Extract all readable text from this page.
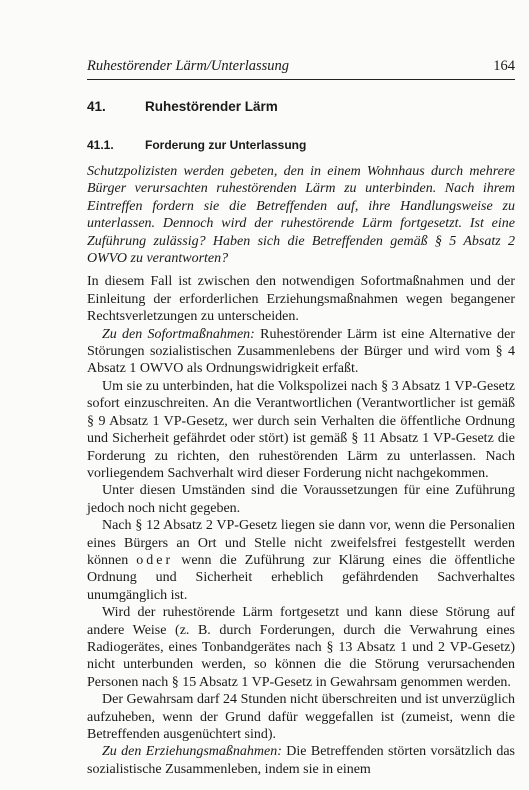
Ruhestörender Lärm/Unterlassung	164
41.	Ruhestörender Lärm
41.1.	Forderung zur Unterlassung

Schutzpolizisten werden gebeten, den in einem Wohnhaus durch mehrere Bürger verursachten ruhestörenden Lärm zu unterbinden. Nach ihrem Eintreffen fordern sie die Betreffenden auf, ihre Handlungsweise zu unterlassen. Dennoch wird der ruhestörende Lärm fortgesetzt. Ist eine Zuführung zulässig? Haben sich die Betreffenden gemäß § 5 Absatz 2 OWVO zu verantworten?

In diesem Fall ist zwischen den notwendigen Sofortmaßnahmen und der Einleitung der erforderlichen Erziehungsmaßnahmen wegen begangener Rechtsverletzungen zu unterscheiden.

Zu den Sofortmaßnahmen: Ruhestörender Lärm ist eine Alternative der Störungen sozialistischen Zusammenlebens der Bürger und wird vom § 4 Absatz 1 OWVO als Ordnungswidrigkeit erfaßt.

Um sie zu unterbinden, hat die Volkspolizei nach § 3 Absatz 1 VP-Gesetz sofort einzuschreiten. An die Verantwortlichen (Verantwortlicher ist gemäß § 9 Absatz 1 VP-Gesetz, wer durch sein Verhalten die öffentliche Ordnung und Sicherheit gefährdet oder stört) ist gemäß § 11 Absatz 1 VP-Gesetz die Forderung zu richten, den ruhestörenden Lärm zu unterlassen. Nach vorliegendem Sachverhalt wird dieser Forderung nicht nachgekommen.

Unter diesen Umständen sind die Voraussetzungen für eine Zuführung jedoch noch nicht gegeben.

Nach § 12 Absatz 2 VP-Gesetz liegen sie dann vor, wenn die Personalien eines Bürgers an Ort und Stelle nicht zweifelsfrei festgestellt werden können oder wenn die Zuführung zur Klärung eines die öffentliche Ordnung und Sicherheit erheblich gefährdenden Sachverhaltes unumgänglich ist.

Wird der ruhestörende Lärm fortgesetzt und kann diese Störung auf andere Weise (z. B. durch Forderungen, durch die Verwahrung eines Radiogerätes, eines Tonbandgerätes nach § 13 Absatz 1 und 2 VP-Gesetz) nicht unterbunden werden, so können die die Störung verursachenden Personen nach § 15 Absatz 1 VP-Gesetz in Gewahrsam genommen werden.

Der Gewahrsam darf 24 Stunden nicht überschreiten und ist unverzüglich aufzuheben, wenn der Grund dafür weggefallen ist (zumeist, wenn die Betreffenden ausgenüchtert sind).

Zu den Erziehungsmaßnahmen: Die Betreffenden störten vorsätzlich das sozialistische Zusammenleben, indem sie in einem
